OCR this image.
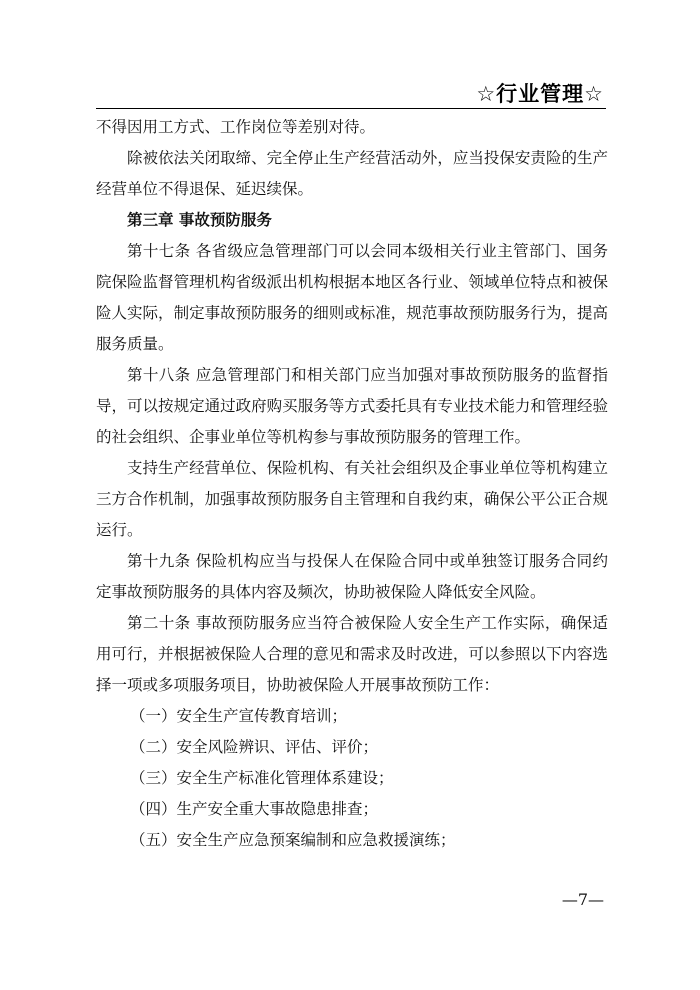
☆行业管理☆

不得因用工方式、工作岗位等差别对待。

除被依法关闭取缔、完全停止生产经营活动外，应当投保安责险的生产经营单位不得退保、延迟续保。

第三章 事故预防服务

第十七条 各省级应急管理部门可以会同本级相关行业主管部门、国务院保险监督管理机构省级派出机构根据本地区各行业、领域单位特点和被保险人实际，制定事故预防服务的细则或标准，规范事故预防服务行为，提高服务质量。

第十八条 应急管理部门和相关部门应当加强对事故预防服务的监督指导，可以按规定通过政府购买服务等方式委托具有专业技术能力和管理经验的社会组织、企事业单位等机构参与事故预防服务的管理工作。

支持生产经营单位、保险机构、有关社会组织及企事业单位等机构建立三方合作机制，加强事故预防服务自主管理和自我约束，确保公平公正合规运行。

第十九条 保险机构应当与投保人在保险合同中或单独签订服务合同约定事故预防服务的具体内容及频次，协助被保险人降低安全风险。

第二十条 事故预防服务应当符合被保险人安全生产工作实际，确保适用可行，并根据被保险人合理的意见和需求及时改进，可以参照以下内容选择一项或多项服务项目，协助被保险人开展事故预防工作：

（一）安全生产宣传教育培训；

（二）安全风险辨识、评估、评价；

（三）安全生产标准化管理体系建设；

（四）生产安全重大事故隐患排查；

（五）安全生产应急预案编制和应急救援演练；

—7—
